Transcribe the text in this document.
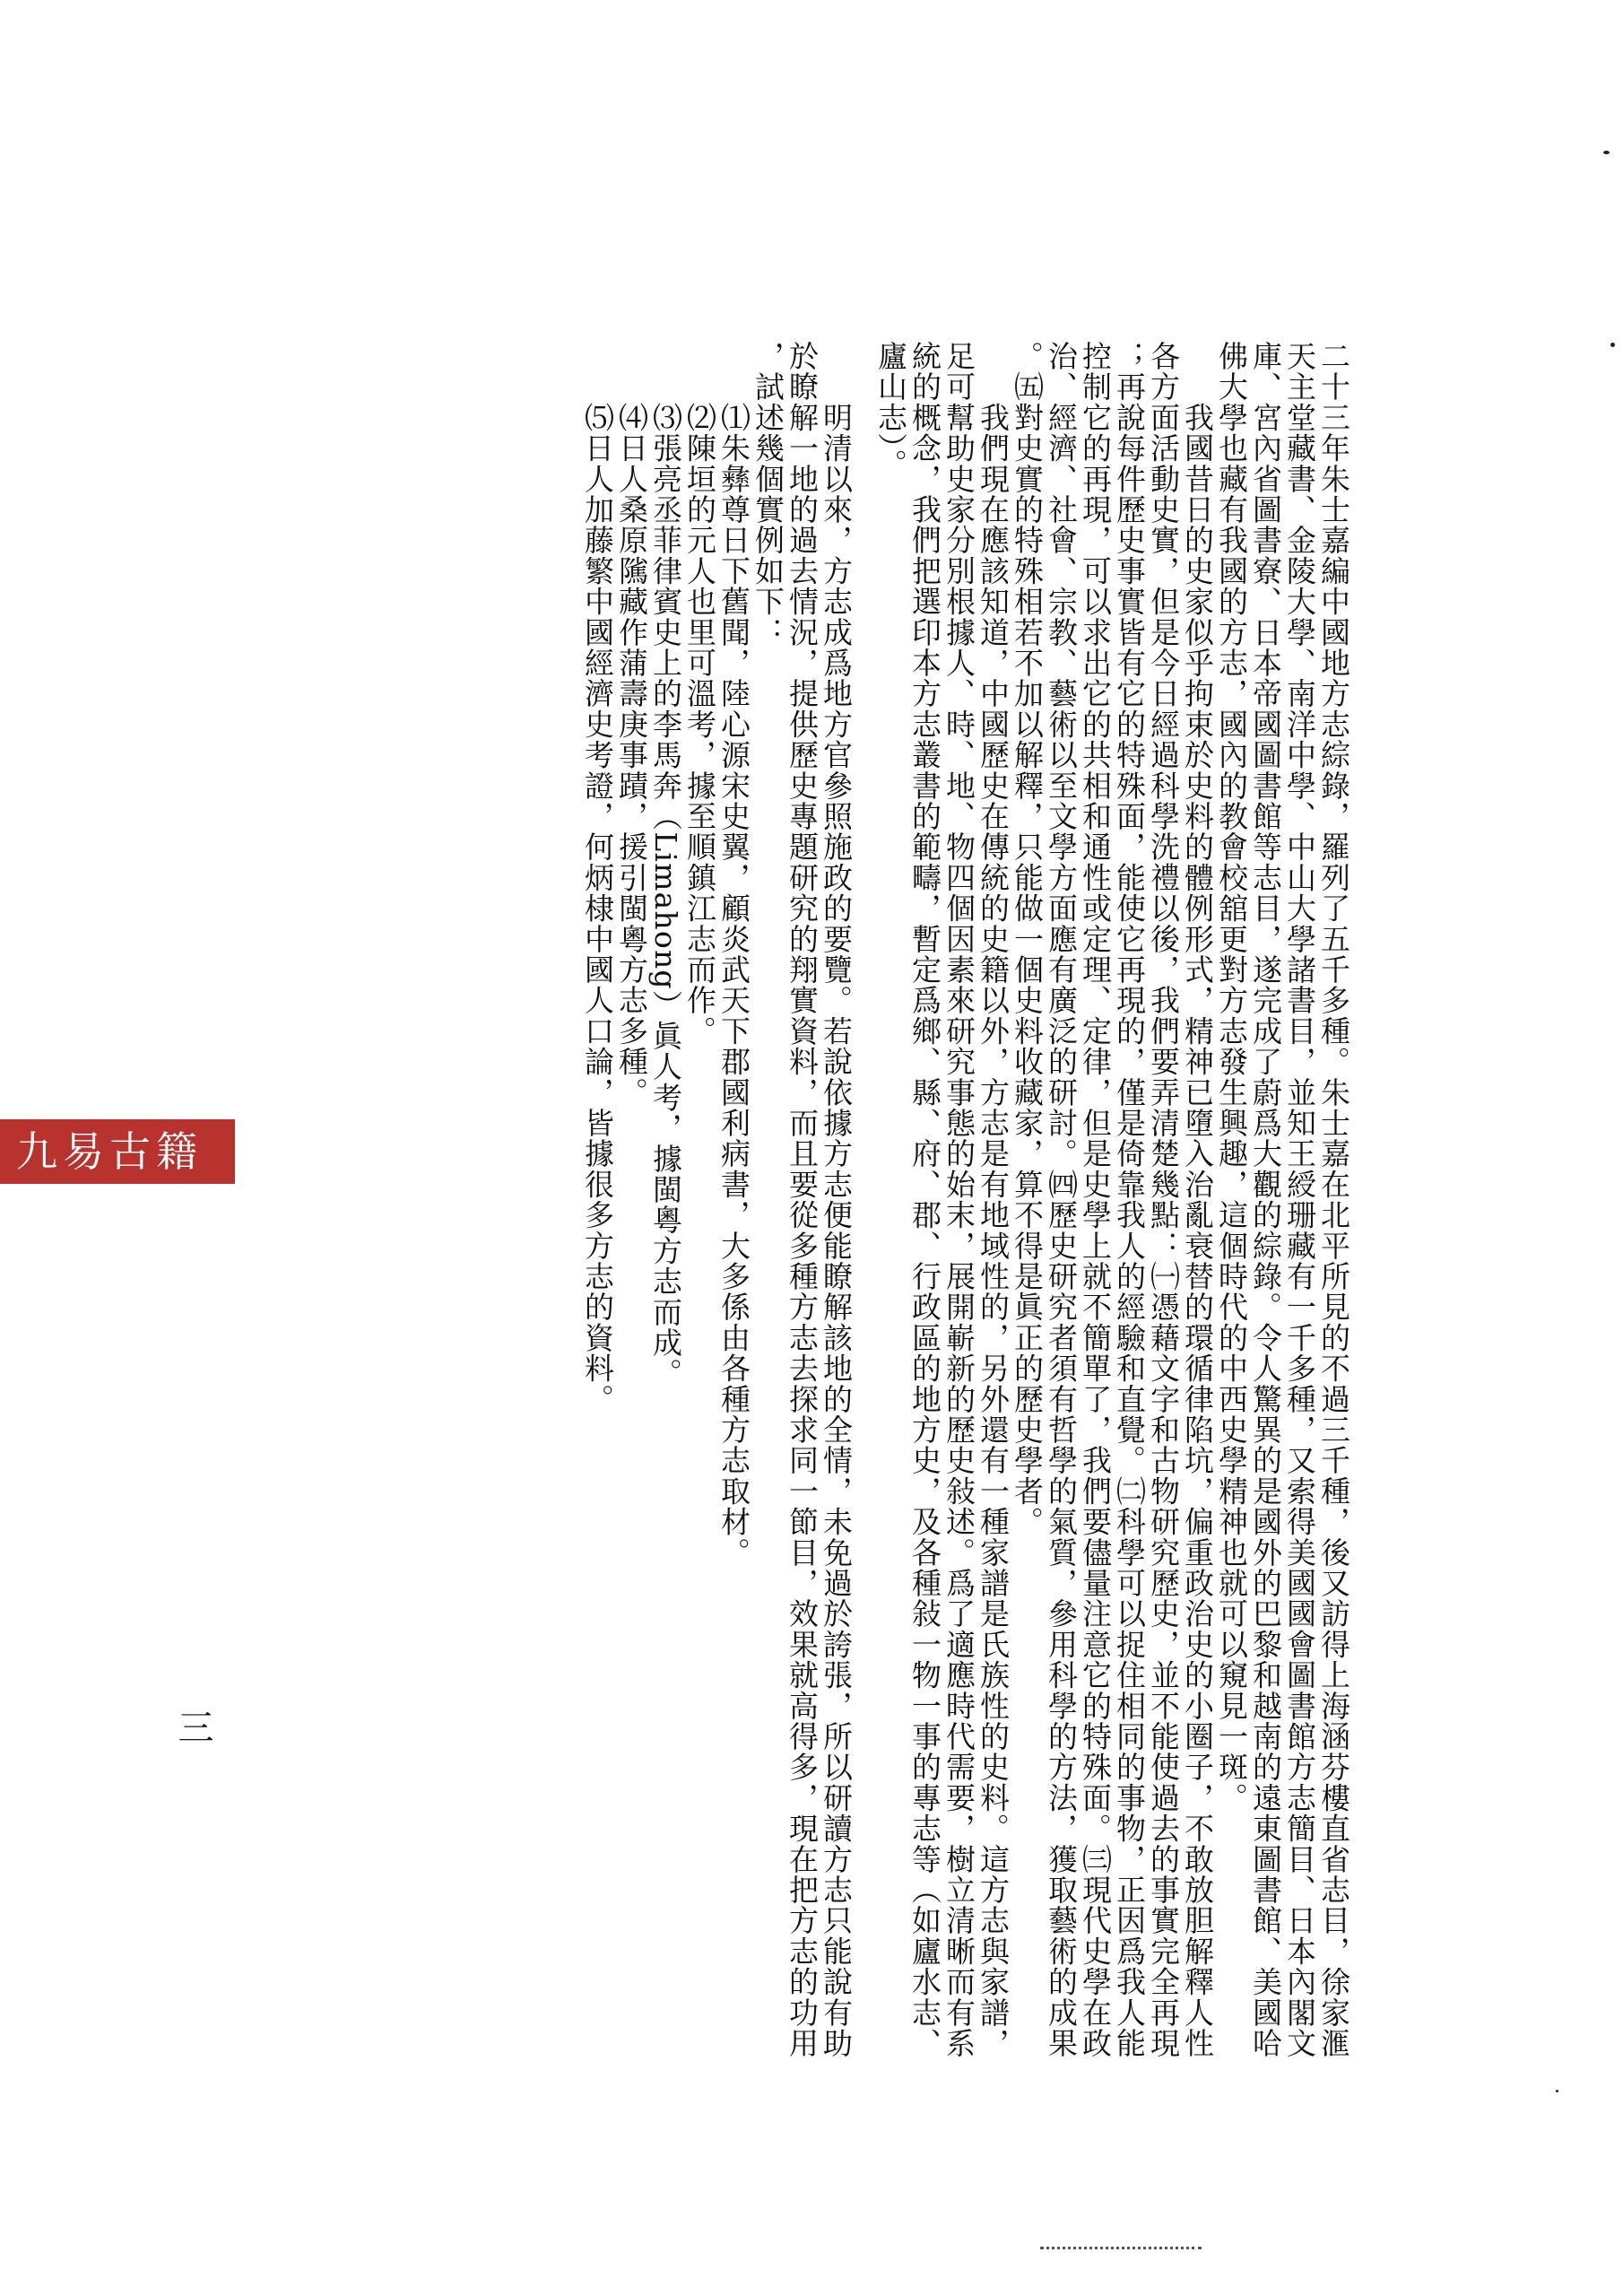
二十三年朱士嘉編中國地方志綜錄，羅列了五千多種。朱士嘉在北平所見的不過三千種，後又訪得上海涵芬樓直省志目，徐家滙
天主堂藏書、金陵大學、南洋中學、中山大學諸書目，並知王綬珊藏有一千多種，又索得美國國會圖書館方志簡目、日本內閣文
庫、宮內省圖書寮、日本帝國圖書館等志目，遂完成了蔚爲大觀的綜錄。令人驚異的是國外的巴黎和越南的遠東圖書館、美國哈
佛大學也藏有我國的方志，國內的教會校舘更對方志發生興趣，這個時代的中西史學精神也就可以窺見一斑。
　　我國昔日的史家似乎拘束於史料的體例形式，精神已墮入治亂衰替的環循律陷坑，偏重政治史的小圈子，不敢放胆解釋人性
各方面活動史實，但是今日經過科學洗禮以後，我們要弄清楚幾點：㈠憑藉文字和古物研究歷史，並不能使過去的事實完全再現
；再說每件歷史事實皆有它的特殊面，能使它再現的，僅是倚靠我人的經驗和直覺。㈡科學可以捉住相同的事物，正因爲我人能
控制它的再現，可以求出它的共相和通性或定理、定律，但是史學上就不簡單了，我們要儘量注意它的特殊面。㈢現代史學在政
治、經濟、社會、宗教、藝術以至文學方面應有廣泛的研討。㈣歷史研究者須有哲學的氣質，參用科學的方法，獲取藝術的成果
。㈤對史實的特殊相若不加以解釋，只能做一個史料收藏家，算不得是眞正的歷史學者。
　　我們現在應該知道，中國歷史在傳統的史籍以外，方志是有地域性的，另外還有一種家譜是氏族性的史料。這方志與家譜，
足可幫助史家分別根據人、時、地、物四個因素來研究事態的始末，展開嶄新的歷史敍述。爲了適應時代需要，樹立清晰而有系
統的概念，我們把選印本方志叢書的範疇，暫定爲鄉、縣、府、郡、行政區的地方史，及各種敍一物一事的專志等（如廬水志、
廬山志）。
　　明清以來，方志成爲地方官參照施政的要覽。若說依據方志便能瞭解該地的全情，未免過於誇張，所以研讀方志只能說有助
於瞭解一地的過去情況，提供歷史專題研究的翔實資料，而且要從多種方志去探求同一節目，效果就高得多，現在把方志的功用
，試述幾個實例如下：
　　⑴朱彝尊日下舊聞，陸心源宋史翼，顧炎武天下郡國利病書，大多係由各種方志取材。
　　⑵陳垣的元人也里可溫考，據至順鎮江志而作。
　　⑶張亮丞菲律賓史上的李馬奔（Limahong）眞人考，據閩粵方志而成。
　　⑷日人桑原隲藏作蒲壽庚事蹟，援引閩粵方志多種。
　　⑸日人加藤繁中國經濟史考證，何炳棣中國人口論，皆據很多方志的資料。
三
九易古籍网
